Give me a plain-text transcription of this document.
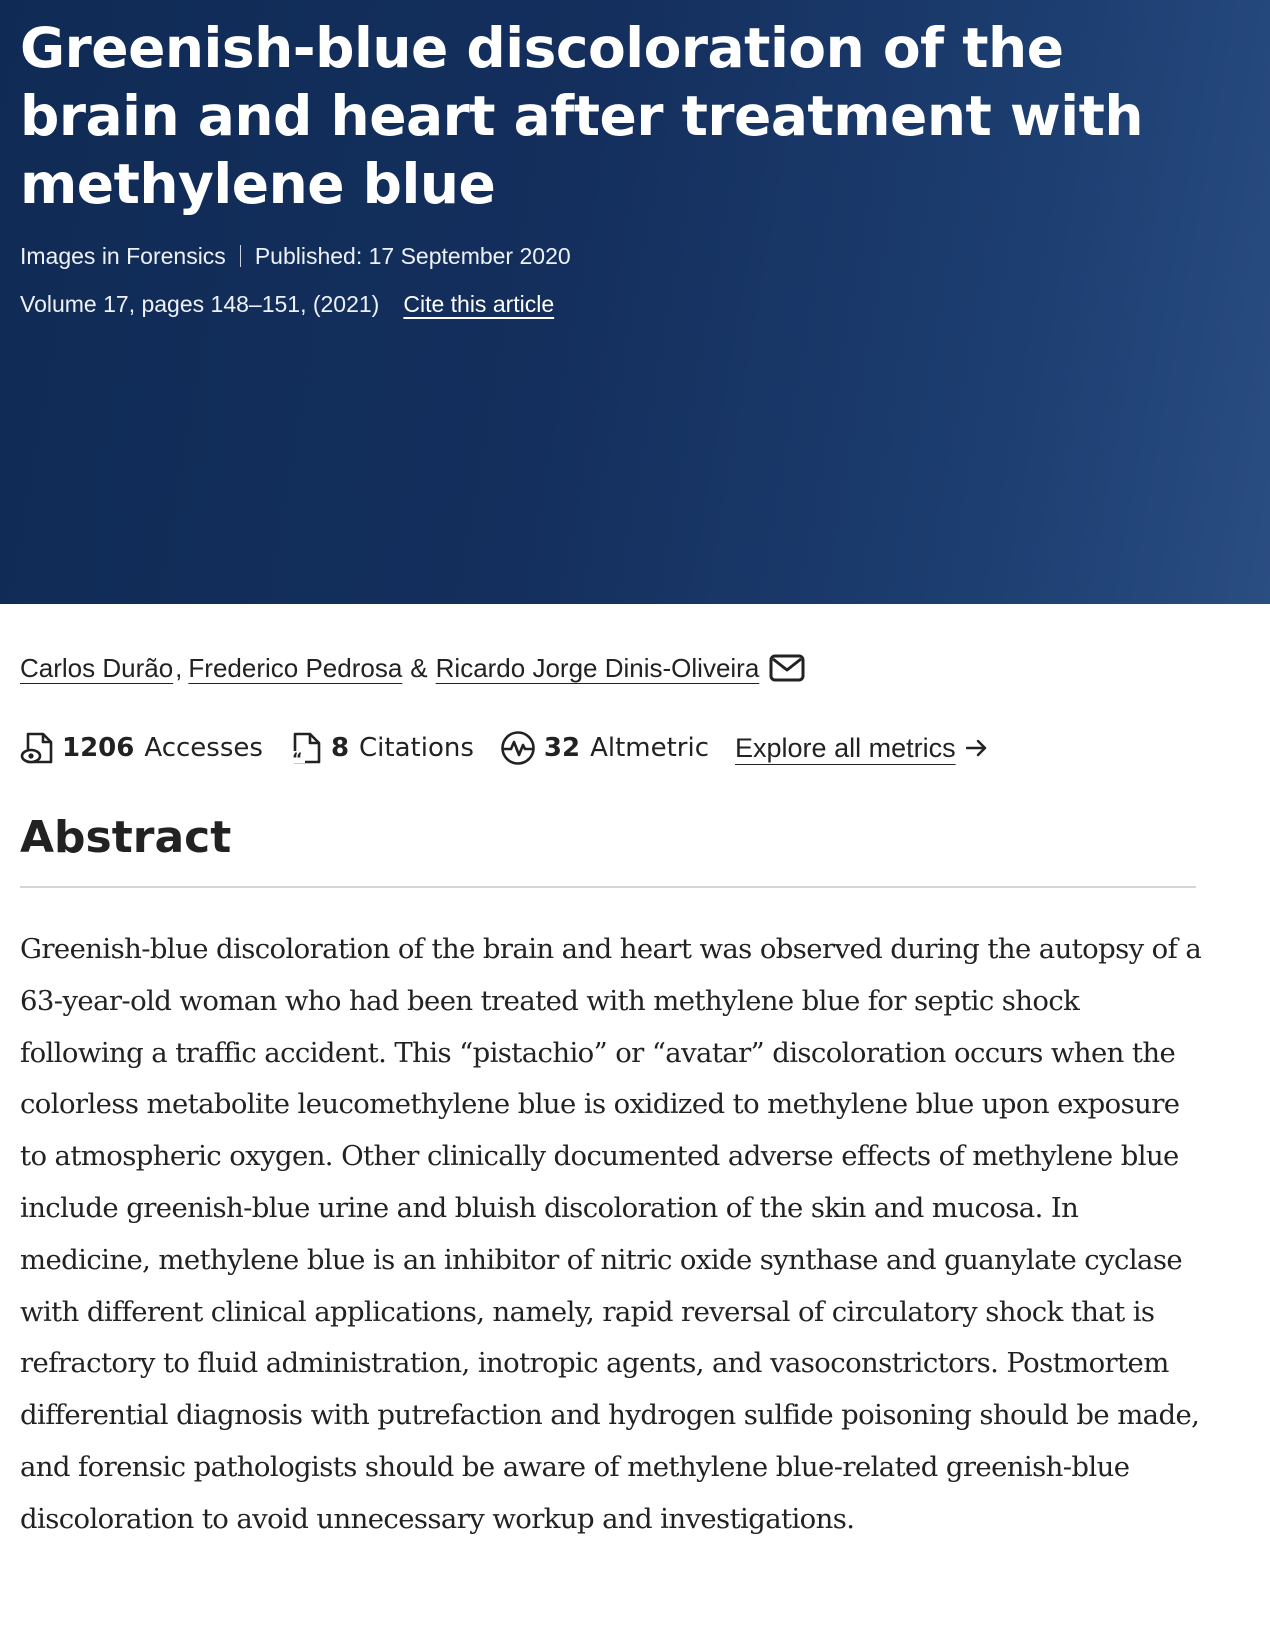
Greenish-blue discoloration of the brain and heart after treatment with methylene blue
Images in Forensics Published: 17 September 2020
Volume 17, pages 148–151, (2021) Cite this article
Carlos Durão , Frederico Pedrosa & Ricardo Jorge Dinis-Oliveira
1206 Accesses “ 8 Citations	32 Altmetric Explore all metrics
Abstract

Greenish-blue discoloration of the brain and heart was observed during the autopsy of a 63-year-old woman who had been treated with methylene blue for septic shock following a traffic accident. This “pistachio” or “avatar” discoloration occurs when the colorless metabolite leucomethylene blue is oxidized to methylene blue upon exposure to atmospheric oxygen. Other clinically documented adverse effects of methylene blue include greenish-blue urine and bluish discoloration of the skin and mucosa. In medicine, methylene blue is an inhibitor of nitric oxide synthase and guanylate cyclase with different clinical applications, namely, rapid reversal of circulatory shock that is refractory to fluid administration, inotropic agents, and vasoconstrictors. Postmortem differential diagnosis with putrefaction and hydrogen sulfide poisoning should be made, and forensic pathologists should be aware of methylene blue-related greenish-blue discoloration to avoid unnecessary workup and investigations.
